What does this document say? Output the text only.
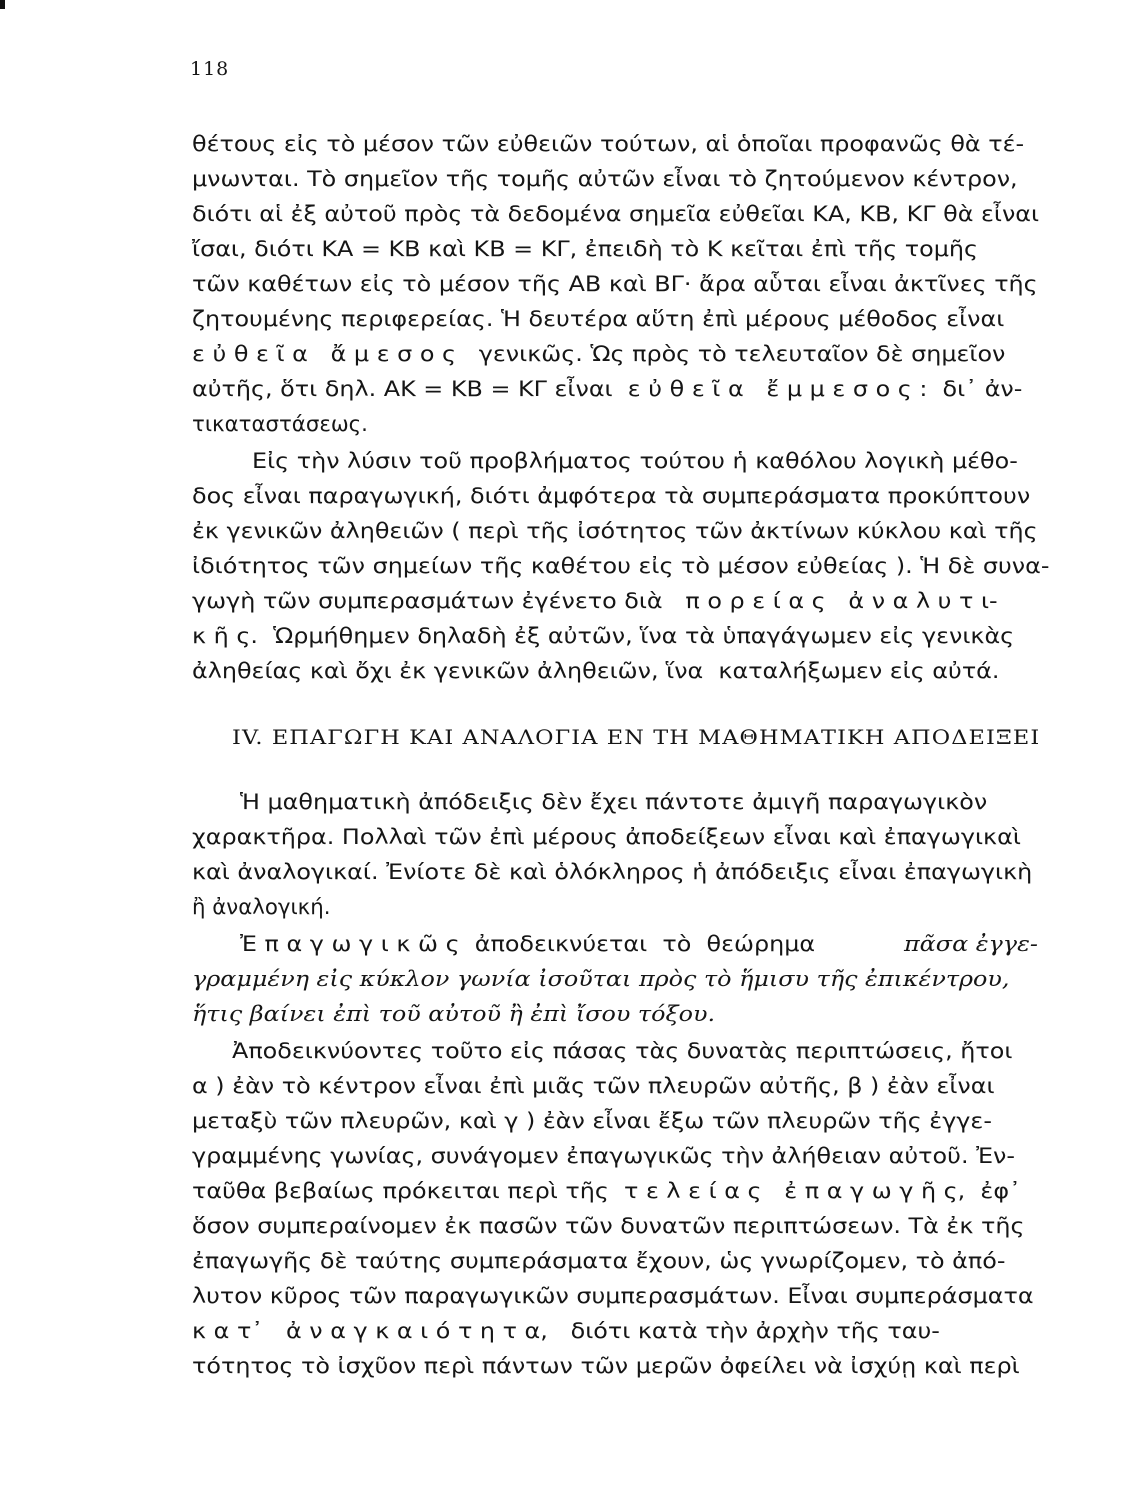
118
θέτους εἰς τὸ μέσον τῶν εὐθειῶν τούτων, αἱ ὁποῖαι προφανῶς θὰ τέ-
μνωνται. Τὸ σημεῖον τῆς τομῆς αὐτῶν εἶναι τὸ ζητούμενον κέντρον,
διότι αἱ ἐξ αὐτοῦ πρὸς τὰ δεδομένα σημεῖα εὐθεῖαι ΚΑ, ΚΒ, ΚΓ θὰ εἶναι
ἴσαι, διότι ΚΑ = ΚΒ καὶ ΚΒ = ΚΓ, ἐπειδὴ τὸ Κ κεῖται ἐπὶ τῆς τομῆς
τῶν καθέτων εἰς τὸ μέσον τῆς ΑΒ καὶ ΒΓ· ἄρα αὗται εἶναι ἀκτῖνες τῆς
ζητουμένης περιφερείας. Ἡ δευτέρα αὕτη ἐπὶ μέρους μέθοδος εἶναι
ε ὐ θ ε ῖ α   ἄ μ ε σ ο ς   γενικῶς. Ὡς πρὸς τὸ τελευταῖον δὲ σημεῖον
αὐτῆς, ὅτι δηλ. ΑΚ = ΚΒ = ΚΓ εἶναι  ε ὐ θ ε ῖ α   ἔ μ μ ε σ ο ς :  δι᾽ ἀν-
τικαταστάσεως.
Εἰς τὴν λύσιν τοῦ προβλήματος τούτου ἡ καθόλου λογικὴ μέθο-
δος εἶναι παραγωγική, διότι ἀμφότερα τὰ συμπεράσματα προκύπτουν
ἐκ γενικῶν ἀληθειῶν ( περὶ τῆς ἰσότητος τῶν ἀκτίνων κύκλου καὶ τῆς
ἰδιότητος τῶν σημείων τῆς καθέτου εἰς τὸ μέσον εὐθείας ). Ἡ δὲ συνα-
γωγὴ τῶν συμπερασμάτων ἐγένετο διὰ   π ο ρ ε ί α ς   ἀ ν α λ υ τ ι-
κ ῆ ς.  Ὡρμήθημεν δηλαδὴ ἐξ αὐτῶν, ἵνα τὰ ὑπαγάγωμεν εἰς γενικὰς
ἀληθείας καὶ ὄχι ἐκ γενικῶν ἀληθειῶν, ἵνα  καταλήξωμεν εἰς αὐτά.
IV. ΕΠΑΓΩΓΗ ΚΑΙ ΑΝΑΛΟΓΙΑ ΕΝ ΤΗ ΜΑΘΗΜΑΤΙΚΗ ΑΠΟΔΕΙΞΕΙ
Ἡ μαθηματικὴ ἀπόδειξις δὲν ἔχει πάντοτε ἀμιγῆ παραγωγικὸν
χαρακτῆρα. Πολλαὶ τῶν ἐπὶ μέρους ἀποδείξεων εἶναι καὶ ἐπαγωγικαὶ
καὶ ἀναλογικαί. Ἐνίοτε δὲ καὶ ὁλόκληρος ἡ ἀπόδειξις εἶναι ἐπαγωγικὴ
ἢ ἀναλογική.
Ἐ π α γ ω γ ι κ ῶ ς  ἀποδεικνύεται  τὸ  θεώρημα	πᾶσα ἐγγε-
γραμμένη εἰς κύκλον γωνία ἰσοῦται πρὸς τὸ ἥμισυ τῆς ἐπικέντρου,
ἥτις βαίνει ἐπὶ τοῦ αὐτοῦ ἢ ἐπὶ ἴσου τόξου.
Ἀποδεικνύοντες τοῦτο εἰς πάσας τὰς δυνατὰς περιπτώσεις, ἤτοι
α ) ἐὰν τὸ κέντρον εἶναι ἐπὶ μιᾶς τῶν πλευρῶν αὐτῆς, β ) ἐὰν εἶναι
μεταξὺ τῶν πλευρῶν, καὶ γ ) ἐὰν εἶναι ἔξω τῶν πλευρῶν τῆς ἐγγε-
γραμμένης γωνίας, συνάγομεν ἐπαγωγικῶς τὴν ἀλήθειαν αὐτοῦ. Ἐν-
ταῦθα βεβαίως πρόκειται περὶ τῆς  τ ε λ ε ί α ς   ἐ π α γ ω γ ῆ ς,  ἐφ᾽
ὅσον συμπεραίνομεν ἐκ πασῶν τῶν δυνατῶν περιπτώσεων. Τὰ ἐκ τῆς
ἐπαγωγῆς δὲ ταύτης συμπεράσματα ἔχουν, ὡς γνωρίζομεν, τὸ ἀπό-
λυτον κῦρος τῶν παραγωγικῶν συμπερασμάτων. Εἶναι συμπεράσματα
κ α τ᾽   ἀ ν α γ κ α ι ό τ η τ α,   διότι κατὰ τὴν ἀρχὴν τῆς ταυ-
τότητος τὸ ἰσχῦον περὶ πάντων τῶν μερῶν ὀφείλει νὰ ἰσχύῃ καὶ περὶ
